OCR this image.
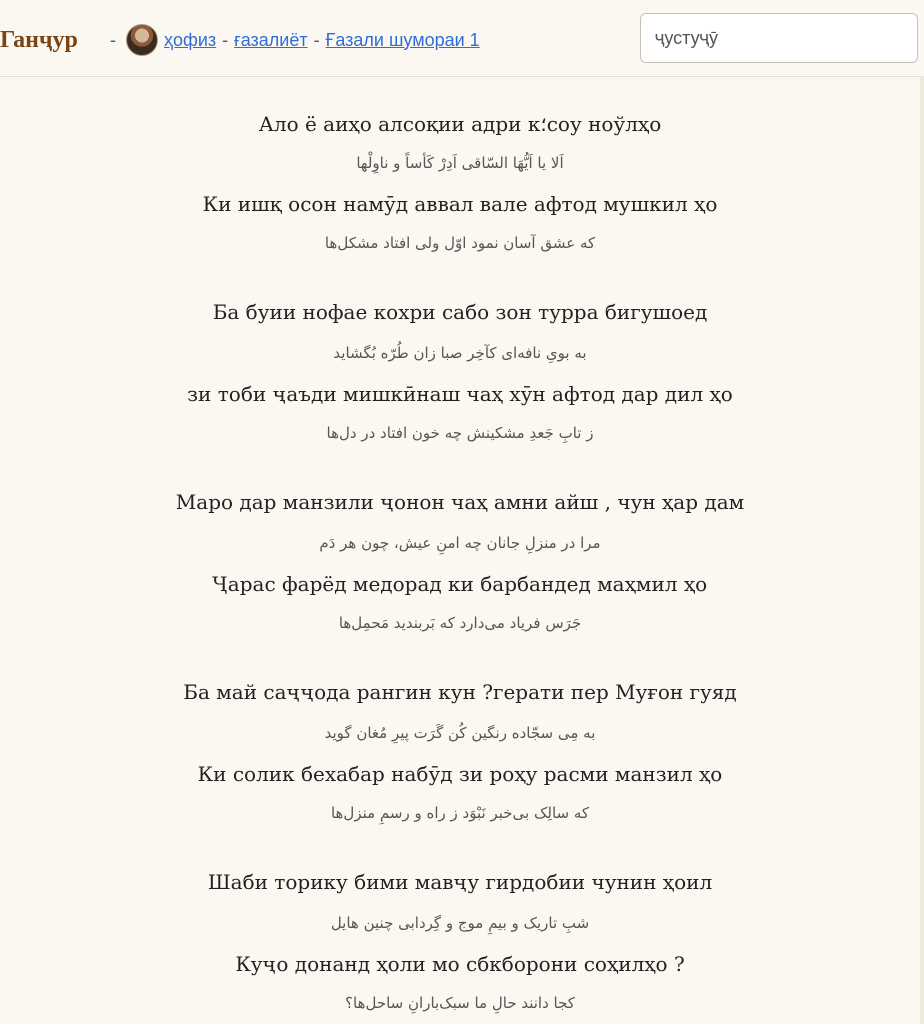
Ганҷур -	ҳофиз - ғазалиёт - Ғазали шумораи 1
ҷустуҷӯ
Ало ё аиҳо алсоқии адри к؛соу ноўлҳо
اَلا یا اَیُّهَا السّاقی اَدِرْ کَأساً و ناوِلْها
Ки ишқ осон намӯд аввал вале афтод мушкил ҳо
که عشق آسان نمود اوّل ولی افتاد مشکل‌ها
Ба буии нофае кохри сабо зон турра бигушоед
به بویِ نافه‌ای کآخِر صبا زان طُرّه بُگشاید
зи тоби ҷаъди мишкӣнаш чаҳ хӯн афтод дар дил ҳо
ز تابِ جَعدِ مشکینش چه خون افتاد در دل‌ها
Маро дар манзили ҷонон чаҳ амни айш , чун ҳар дам
مرا در منزلِ جانان چه امنِ عیش، چون هر دَم
Ҷарас фарёд медорад ки барбандед маҳмил ҳо
جَرَس فریاد می‌دارد که بَربندید مَحمِل‌ها
Ба май саҷҷода рангин кун ?герати пер Муғон гуяд
به مِی سجّاده رنگین کُن گَرَت پیرِ مُغان گوید
Ки солик бехабар набӯд зи роҳу расми манзил ҳо
که سالِک بی‌خبر نَبْوَد ز راه و رسمِ منزل‌ها
Шаби торику бими мавҷу гирдобии чунин ҳоил
شبِ تاریک و بیمِ موج و گِردابی چنین هایل
Куҷо донанд ҳоли мо сбкборони соҳилҳо ?
کجا دانند حالِ ما سبک‌بارانِ ساحل‌ها؟
